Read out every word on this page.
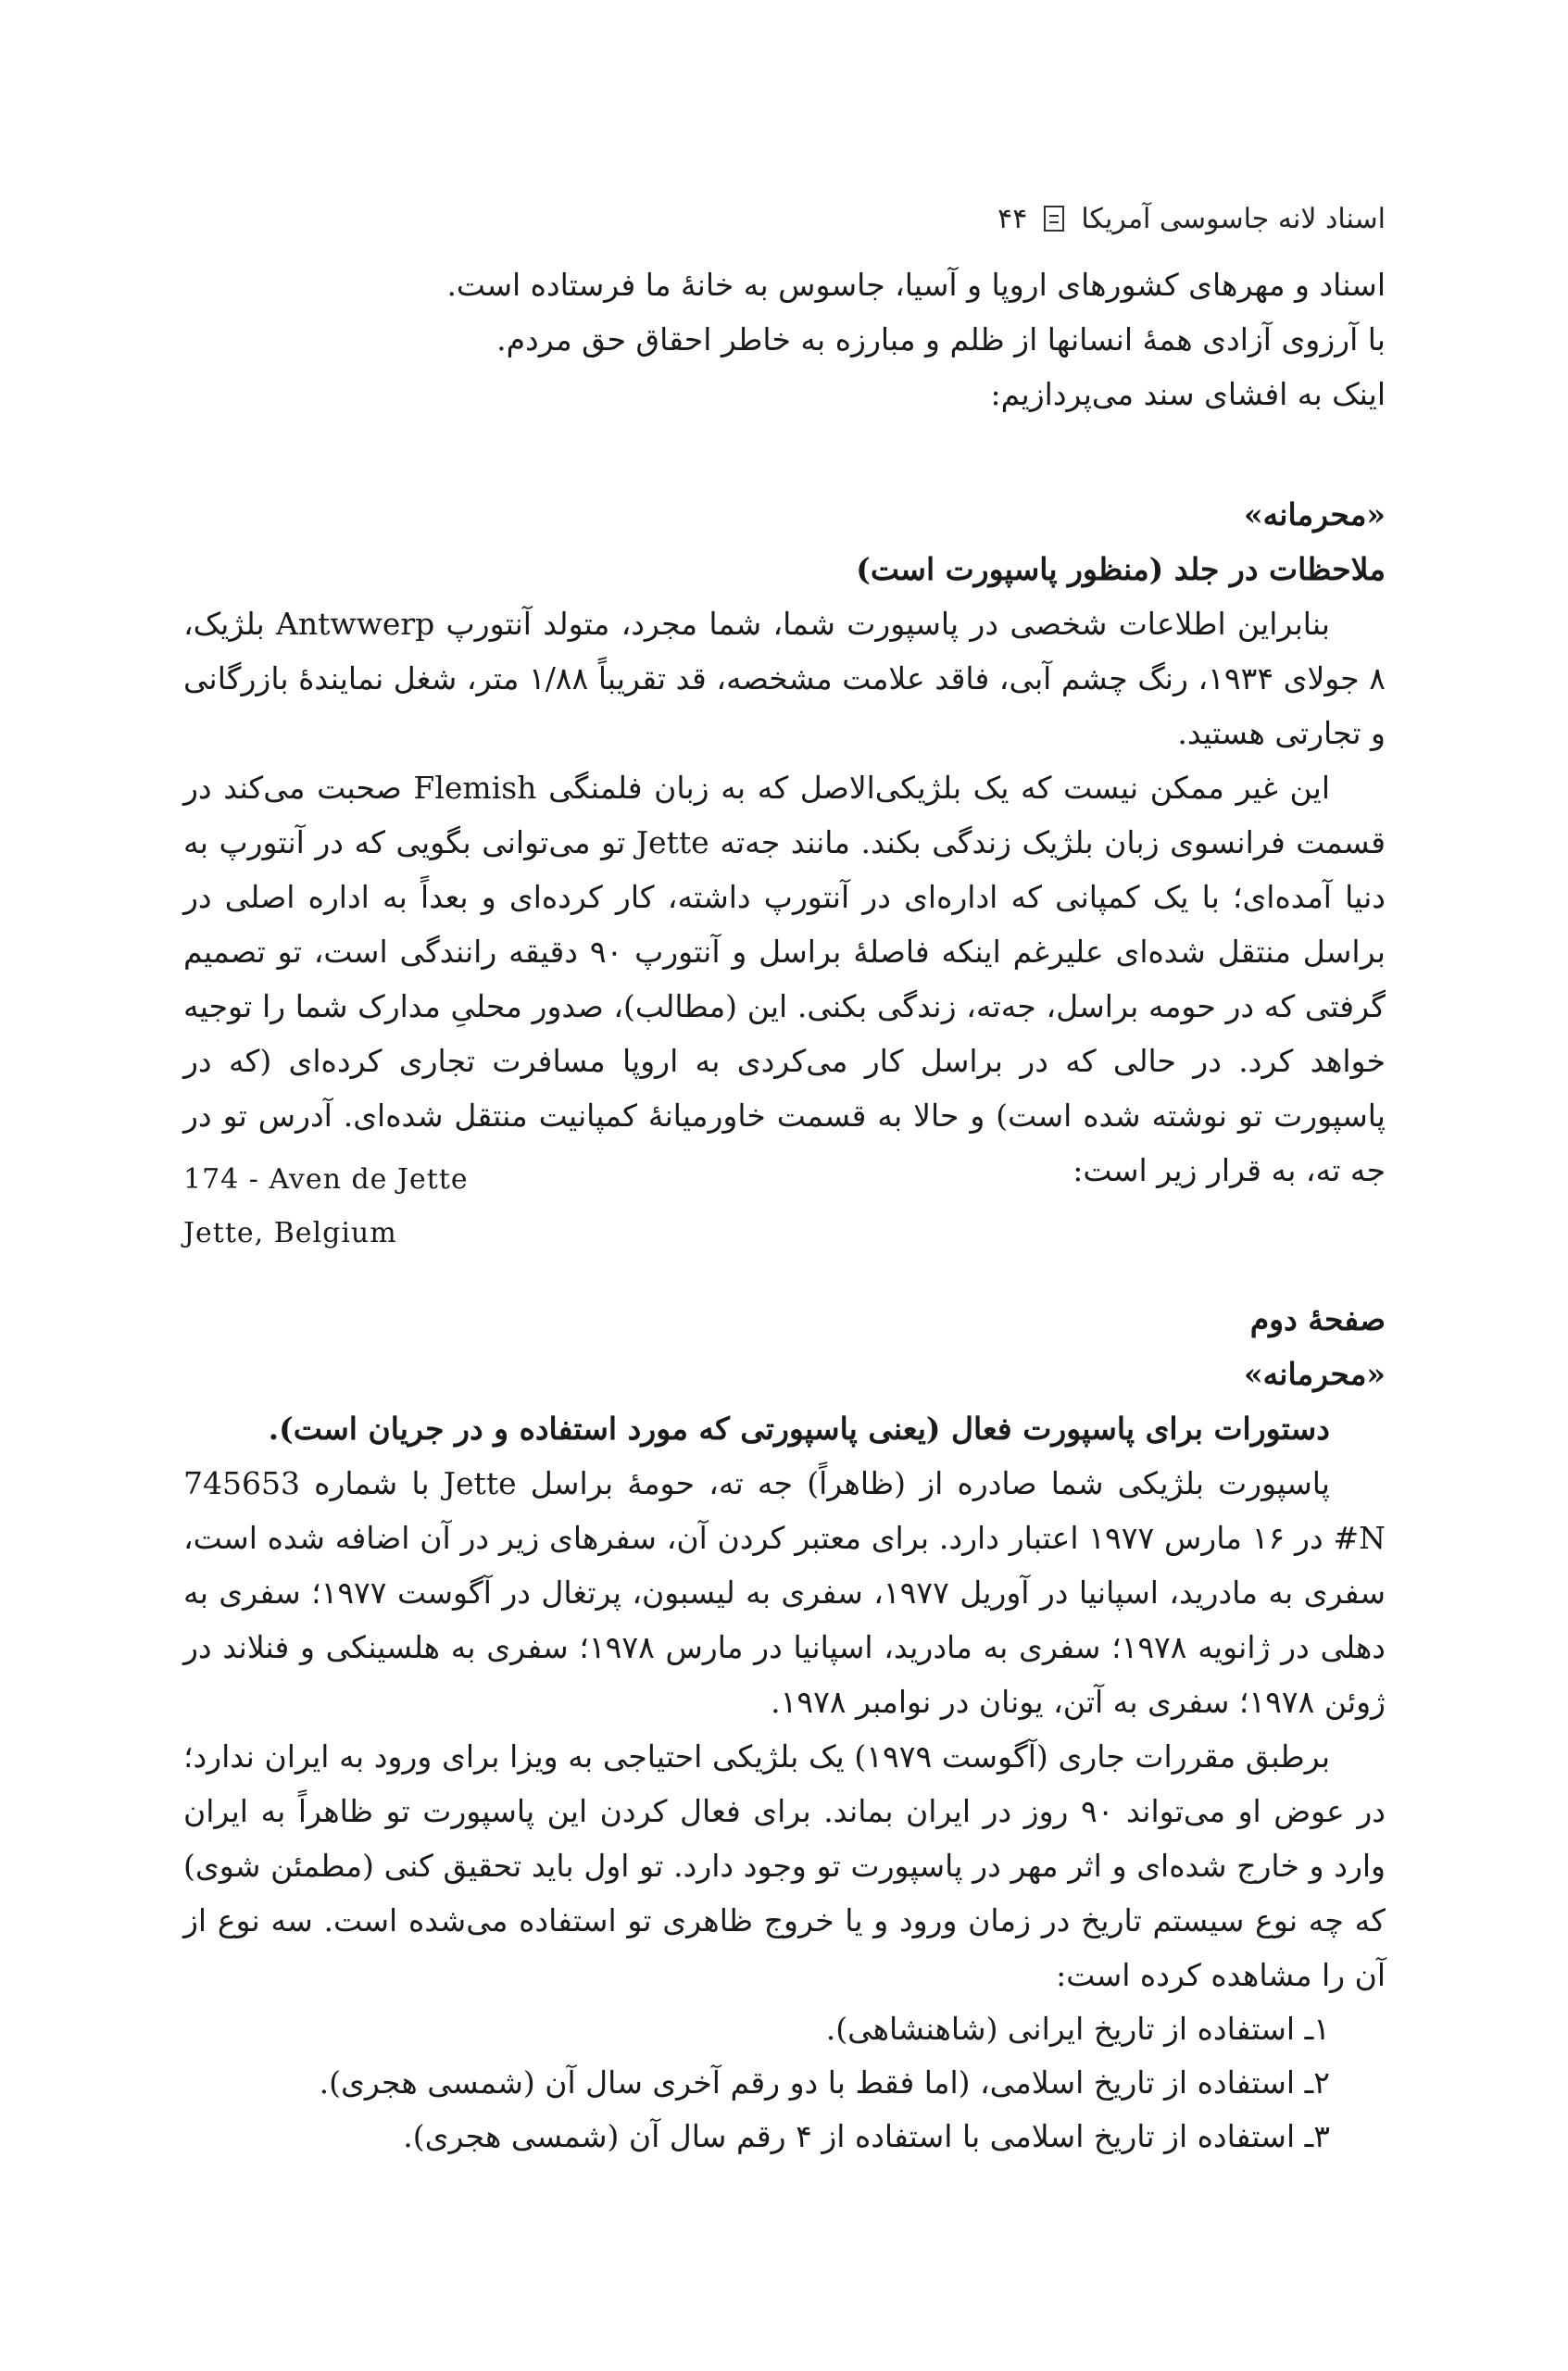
اسناد لانه جاسوسی آمریکا
۴۴

اسناد و مهرهای کشورهای اروپا و آسیا، جاسوس به خانهٔ ما فرستاده است.

با آرزوی آزادی همهٔ انسانها از ظلم و مبارزه به خاطر احقاق حق مردم.

اینک به افشای سند می‌پردازیم:

«محرمانه»

ملاحظات در جلد (منظور پاسپورت است)

بنابراین اطلاعات شخصی در پاسپورت شما، شما مجرد، متولد آنتورپ Antwwerp بلژیک، ۸ جولای ۱۹۳۴، رنگ چشم آبی، فاقد علامت مشخصه، قد تقریباً ۱/۸۸ متر، شغل نمایندهٔ بازرگانی و تجارتی هستید.

این غیر ممکن نیست که یک بلژیکی‌الاصل که به زبان فلمنگی Flemish صحبت می‌کند در قسمت فرانسوی زبان بلژیک زندگی بکند. مانند جه‌ته Jette تو می‌توانی بگویی که در آنتورپ به دنیا آمده‌ای؛ با یک کمپانی که اداره‌ای در آنتورپ داشته، کار کرده‌ای و بعداً به اداره اصلی در براسل منتقل شده‌ای علیرغم اینکه فاصلهٔ براسل و آنتورپ ۹۰ دقیقه رانندگی است، تو تصمیم گرفتی که در حومه براسل، جه‌ته، زندگی بکنی. این (مطالب)، صدور محلیِ مدارک شما را توجیه خواهد کرد. در حالی که در براسل کار می‌کردی به اروپا مسافرت تجاری کرده‌ای (که در پاسپورت تو نوشته شده است) و حالا به قسمت خاورمیانهٔ کمپانیت منتقل شده‌ای. آدرس تو در جه ته، به قرار زیر است:

174 - Aven de Jette

Jette, Belgium

صفحهٔ دوم

«محرمانه»

دستورات برای پاسپورت فعال (یعنی پاسپورتی که مورد استفاده و در جریان است).

پاسپورت بلژیکی شما صادره از (ظاهراً) جه ته، حومهٔ براسل Jette با شماره 745653 N# در ۱۶ مارس ۱۹۷۷ اعتبار دارد. برای معتبر کردن آن، سفرهای زیر در آن اضافه شده است، سفری به مادرید، اسپانیا در آوریل ۱۹۷۷، سفری به لیسبون، پرتغال در آگوست ۱۹۷۷؛ سفری به دهلی در ژانویه ۱۹۷۸؛ سفری به مادرید، اسپانیا در مارس ۱۹۷۸؛ سفری به هلسینکی و فنلاند در ژوئن ۱۹۷۸؛ سفری به آتن، یونان در نوامبر ۱۹۷۸.

برطبق مقررات جاری (آگوست ۱۹۷۹) یک بلژیکی احتیاجی به ویزا برای ورود به ایران ندارد؛ در عوض او می‌تواند ۹۰ روز در ایران بماند. برای فعال کردن این پاسپورت تو ظاهراً به ایران وارد و خارج شده‌ای و اثر مهر در پاسپورت تو وجود دارد. تو اول باید تحقیق کنی (مطمئن شوی) که چه نوع سیستم تاریخ در زمان ورود و یا خروج ظاهری تو استفاده می‌شده است. سه نوع از آن را مشاهده کرده است:

۱ـ استفاده از تاریخ ایرانی (شاهنشاهی).

۲ـ استفاده از تاریخ اسلامی، (اما فقط با دو رقم آخری سال آن (شمسی هجری).

۳ـ استفاده از تاریخ اسلامی با استفاده از ۴ رقم سال آن (شمسی هجری).
